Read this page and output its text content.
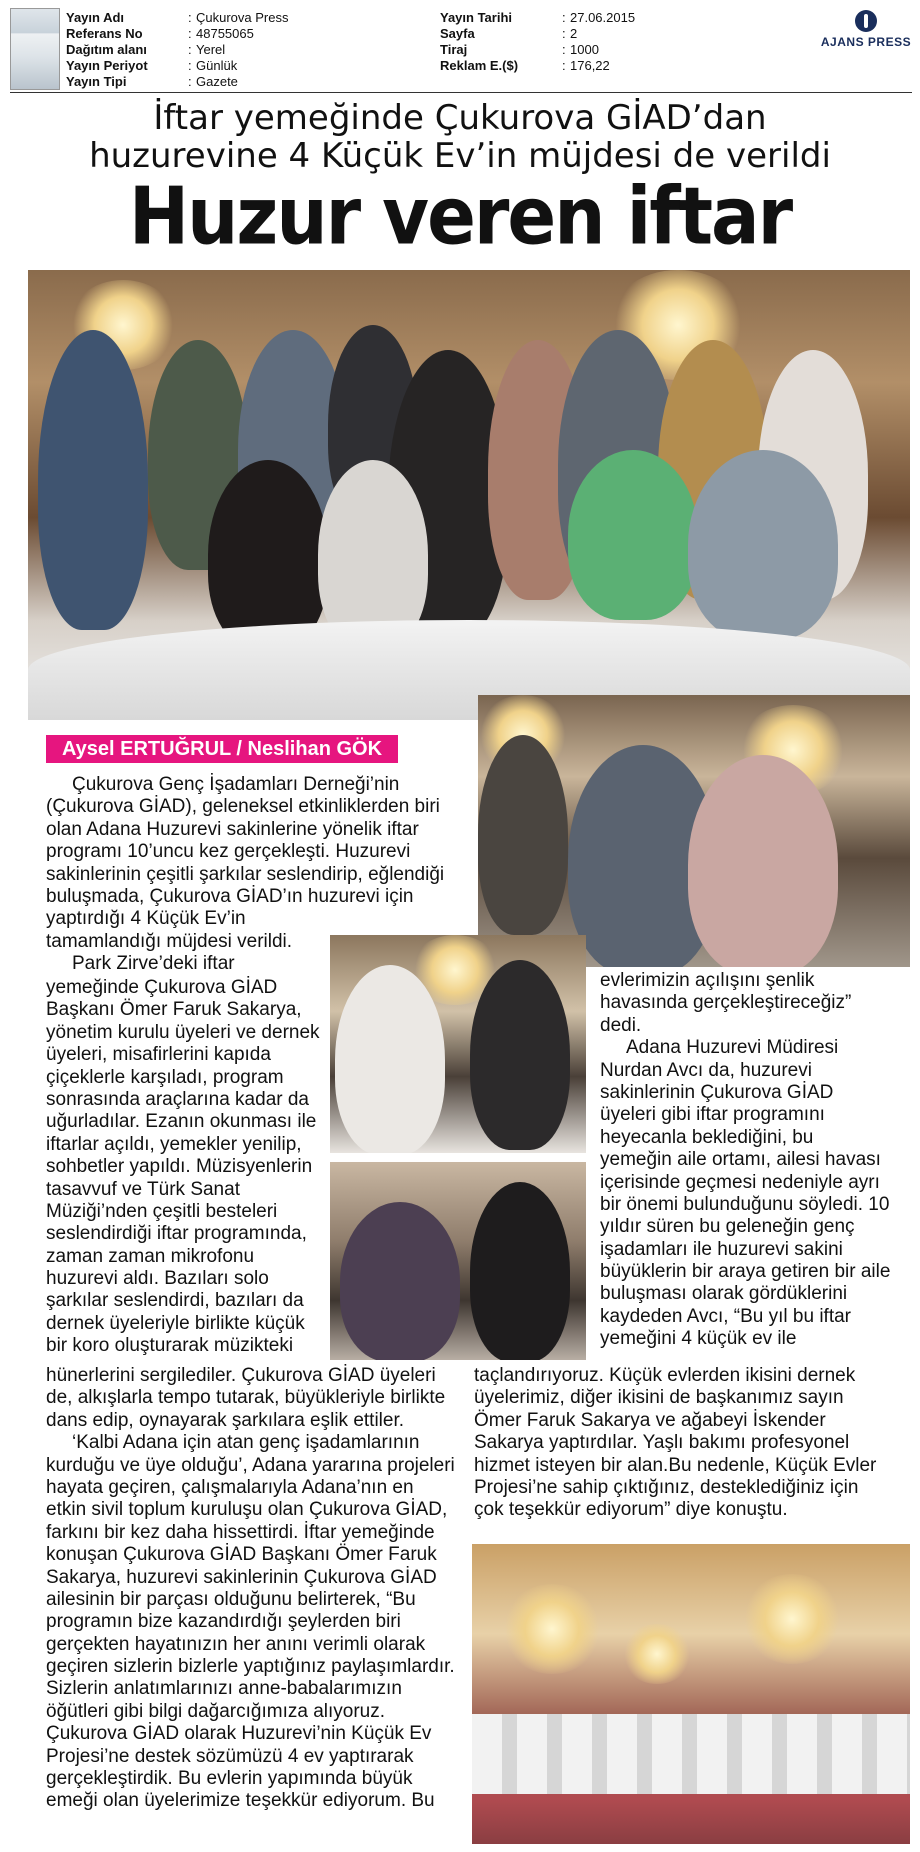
Yayın Adı	: Çukurova Press
Referans No	: 48755065
Dağıtım alanı	: Yerel
Yayın Periyot	: Günlük
Yayın Tipi	: Gazete
Yayın Tarihi	: 27.06.2015
Sayfa	: 2
Tiraj	: 1000
Reklam E.($)	: 176,22
AJANS PRESS
İftar yemeğinde Çukurova GİAD’dan
huzurevine 4 Küçük Ev’in müjdesi de verildi
Huzur veren iftar
Aysel ERTUĞRUL / Neslihan GÖK
Çukurova Genç İşadamları Derneği’nin
(Çukurova GİAD), geleneksel etkinliklerden biri
olan Adana Huzurevi sakinlerine yönelik iftar
programı 10’uncu kez gerçekleşti. Huzurevi
sakinlerinin çeşitli şarkılar seslendirip, eğlendiği
buluşmada, Çukurova GİAD’ın huzurevi için
yaptırdığı 4 Küçük Ev’in
tamamlandığı müjdesi verildi.
Park Zirve’deki iftar
yemeğinde Çukurova GİAD
Başkanı Ömer Faruk Sakarya,
yönetim kurulu üyeleri ve dernek
üyeleri, misafirlerini kapıda
çiçeklerle karşıladı, program
sonrasında araçlarına kadar da
uğurladılar. Ezanın okunması ile
iftarlar açıldı, yemekler yenilip,
sohbetler yapıldı. Müzisyenlerin
tasavvuf ve Türk Sanat
Müziği’nden çeşitli besteleri
seslendirdiği iftar programında,
zaman zaman mikrofonu
huzurevi aldı. Bazıları solo
şarkılar seslendirdi, bazıları da
dernek üyeleriyle birlikte küçük
bir koro oluşturarak müzikteki
hünerlerini sergilediler. Çukurova GİAD üyeleri
de, alkışlarla tempo tutarak, büyükleriyle birlikte
dans edip, oynayarak şarkılara eşlik ettiler.
‘Kalbi Adana için atan genç işadamlarının
kurduğu ve üye olduğu’, Adana yararına projeleri
hayata geçiren, çalışmalarıyla Adana’nın en
etkin sivil toplum kuruluşu olan Çukurova GİAD,
farkını bir kez daha hissettirdi. İftar yemeğinde
konuşan Çukurova GİAD Başkanı Ömer Faruk
Sakarya, huzurevi sakinlerinin Çukurova GİAD
ailesinin bir parçası olduğunu belirterek, “Bu
programın bize kazandırdığı şeylerden biri
gerçekten hayatınızın her anını verimli olarak
geçiren sizlerin bizlerle yaptığınız paylaşımlardır.
Sizlerin anlatımlarınızı anne-babalarımızın
öğütleri gibi bilgi dağarcığımıza alıyoruz.
Çukurova GİAD olarak Huzurevi’nin Küçük Ev
Projesi’ne destek sözümüzü 4 ev yaptırarak
gerçekleştirdik. Bu evlerin yapımında büyük
emeği olan üyelerimize teşekkür ediyorum. Bu
evlerimizin açılışını şenlik
havasında gerçekleştireceğiz”
dedi.
Adana Huzurevi Müdiresi
Nurdan Avcı da, huzurevi
sakinlerinin Çukurova GİAD
üyeleri gibi iftar programını
heyecanla beklediğini, bu
yemeğin aile ortamı, ailesi havası
içerisinde geçmesi nedeniyle ayrı
bir önemi bulunduğunu söyledi. 10
yıldır süren bu geleneğin genç
işadamları ile huzurevi sakini
büyüklerin bir araya getiren bir aile
buluşması olarak gördüklerini
kaydeden Avcı, “Bu yıl bu iftar
yemeğini 4 küçük ev ile
taçlandırıyoruz. Küçük evlerden ikisini dernek
üyelerimiz, diğer ikisini de başkanımız sayın
Ömer Faruk Sakarya ve ağabeyi İskender
Sakarya yaptırdılar. Yaşlı bakımı profesyonel
hizmet isteyen bir alan.Bu nedenle, Küçük Evler
Projesi’ne sahip çıktığınız, desteklediğiniz için
çok teşekkür ediyorum” diye konuştu.
